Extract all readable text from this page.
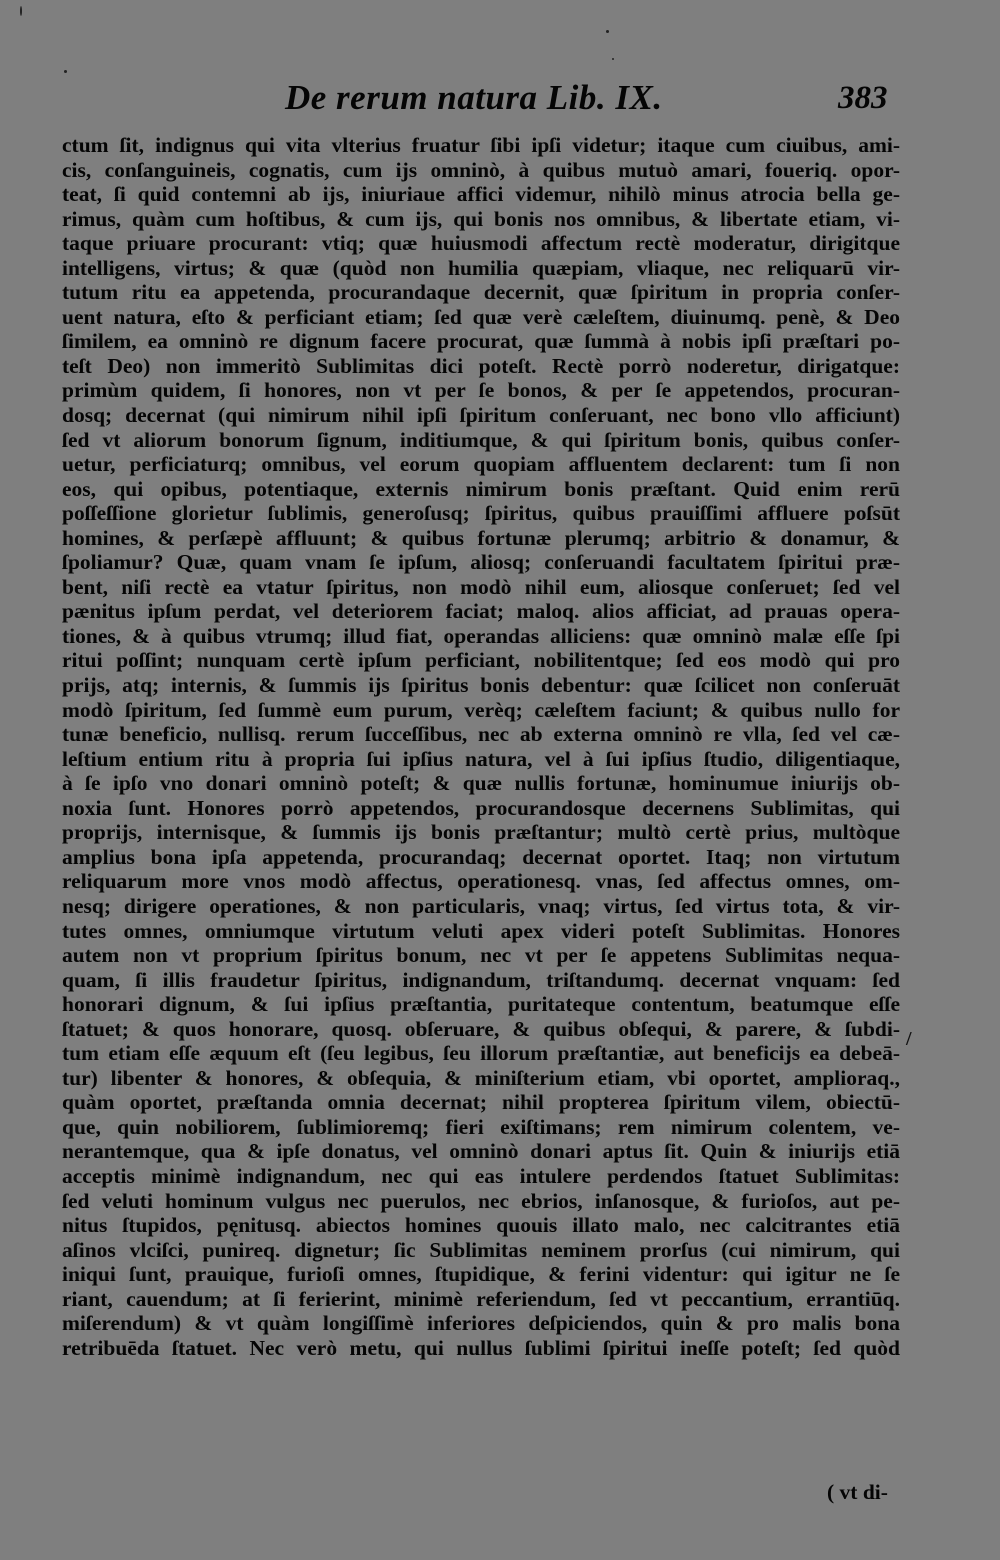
De rerum natura Lib. IX.	383
ctum ſit, indignus qui vita vlterius fruatur ſibi ipſi videtur; itaque cum ciuibus, ami-
cis, conſanguineis, cognatis, cum ijs omninò, à quibus mutuò amari, foueriq. opor-
teat, ſi quid contemni ab ijs, iniuriaue affici videmur, nihilò minus atrocia bella ge-
rimus, quàm cum hoſtibus, & cum ijs, qui bonis nos omnibus, & libertate etiam, vi-
taque priuare procurant: vtiq; quæ huiusmodi affectum rectè moderatur, dirigitque
intelligens, virtus; & quæ (quòd non humilia quæpiam, vliaque, nec reliquarū vir-
tutum ritu ea appetenda, procurandaque decernit, quæ ſpiritum in propria conſer-
uent natura, eſto & perficiant etiam; ſed quæ verè cæleſtem, diuinumq. penè, & Deo
ſimilem, ea omninò re dignum facere procurat, quæ ſummà à nobis ipſi præſtari po-
teſt Deo) non immeritò Sublimitas dici poteſt. Rectè porrò noderetur, dirigatque:
primùm quidem, ſi honores, non vt per ſe bonos, & per ſe appetendos, procuran-
dosq; decernat (qui nimirum nihil ipſi ſpiritum conſeruant, nec bono vllo afficiunt)
ſed vt aliorum bonorum ſignum, inditiumque, & qui ſpiritum bonis, quibus conſer-
uetur, perficiaturq; omnibus, vel eorum quopiam affluentem declarent: tum ſi non
eos, qui opibus, potentiaque, externis nimirum bonis præſtant. Quid enim rerū
poſſeſſione glorietur ſublimis, generoſusq; ſpiritus, quibus prauiſſimi affluere poſsūt
homines, & perſæpè affluunt; & quibus fortunæ plerumq; arbitrio & donamur, &
ſpoliamur? Quæ, quam vnam ſe ipſum, aliosq; conſeruandi facultatem ſpiritui præ-
bent, niſi rectè ea vtatur ſpiritus, non modò nihil eum, aliosque conſeruet; ſed vel
pænitus ipſum perdat, vel deteriorem faciat; maloq. alios afficiat, ad prauas opera-
tiones, & à quibus vtrumq; illud fiat, operandas alliciens: quæ omninò malæ eſſe ſpi
ritui poſſint; nunquam certè ipſum perficiant, nobilitentque; ſed eos modò qui pro
prijs, atq; internis, & ſummis ijs ſpiritus bonis debentur: quæ ſcilicet non conſeruāt
modò ſpiritum, ſed ſummè eum purum, verèq; cæleſtem faciunt; & quibus nullo for
tunæ beneficio, nullisq. rerum ſucceſſibus, nec ab externa omninò re vlla, ſed vel cæ-
leſtium entium ritu à propria ſui ipſius natura, vel à ſui ipſius ſtudio, diligentiaque,
à ſe ipſo vno donari omninò poteſt; & quæ nullis fortunæ, hominumue iniurijs ob-
noxia ſunt. Honores porrò appetendos, procurandosque decernens Sublimitas, qui
proprijs, internisque, & ſummis ijs bonis præſtantur; multò certè prius, multòque
amplius bona ipſa appetenda, procurandaq; decernat oportet. Itaq; non virtutum
reliquarum more vnos modò affectus, operationesq. vnas, ſed affectus omnes, om-
nesq; dirigere operationes, & non particularis, vnaq; virtus, ſed virtus tota, & vir-
tutes omnes, omniumque virtutum veluti apex videri poteſt Sublimitas. Honores
autem non vt proprium ſpiritus bonum, nec vt per ſe appetens Sublimitas nequa-
quam, ſi illis fraudetur ſpiritus, indignandum, triſtandumq. decernat vnquam: ſed
honorari dignum, & ſui ipſius præſtantia, puritateque contentum, beatumque eſſe
ſtatuet; & quos honorare, quosq. obſeruare, & quibus obſequi, & parere, & ſubdi-
tum etiam eſſe æquum eſt (ſeu legibus, ſeu illorum præſtantiæ, aut beneficijs ea debeā-
tur) libenter & honores, & obſequia, & miniſterium etiam, vbi oportet, amplioraq.,
quàm oportet, præſtanda omnia decernat; nihil propterea ſpiritum vilem, obiectū-
que, quin nobiliorem, ſublimioremq; fieri exiſtimans; rem nimirum colentem, ve-
nerantemque, qua & ipſe donatus, vel omninò donari aptus ſit. Quin & iniurijs etiā
acceptis minimè indignandum, nec qui eas intulere perdendos ſtatuet Sublimitas:
ſed veluti hominum vulgus nec puerulos, nec ebrios, inſanosque, & furioſos, aut pe-
nitus ſtupidos, pęnitusq. abiectos homines quouis illato malo, nec calcitrantes etiā
aſinos vlciſci, punireq. dignetur; ſic Sublimitas neminem prorſus (cui nimirum, qui
iniqui ſunt, prauique, furioſi omnes, ſtupidique, & ferini videntur: qui igitur ne ſe
riant, cauendum; at ſi ferierint, minimè referiendum, ſed vt peccantium, errantiūq.
miſerendum) & vt quàm longiſſimè inferiores deſpiciendos, quin & pro malis bona
retribuēda ſtatuet. Nec verò metu, qui nullus ſublimi ſpiritui ineſſe poteſt; ſed quòd
/
( vt di-
